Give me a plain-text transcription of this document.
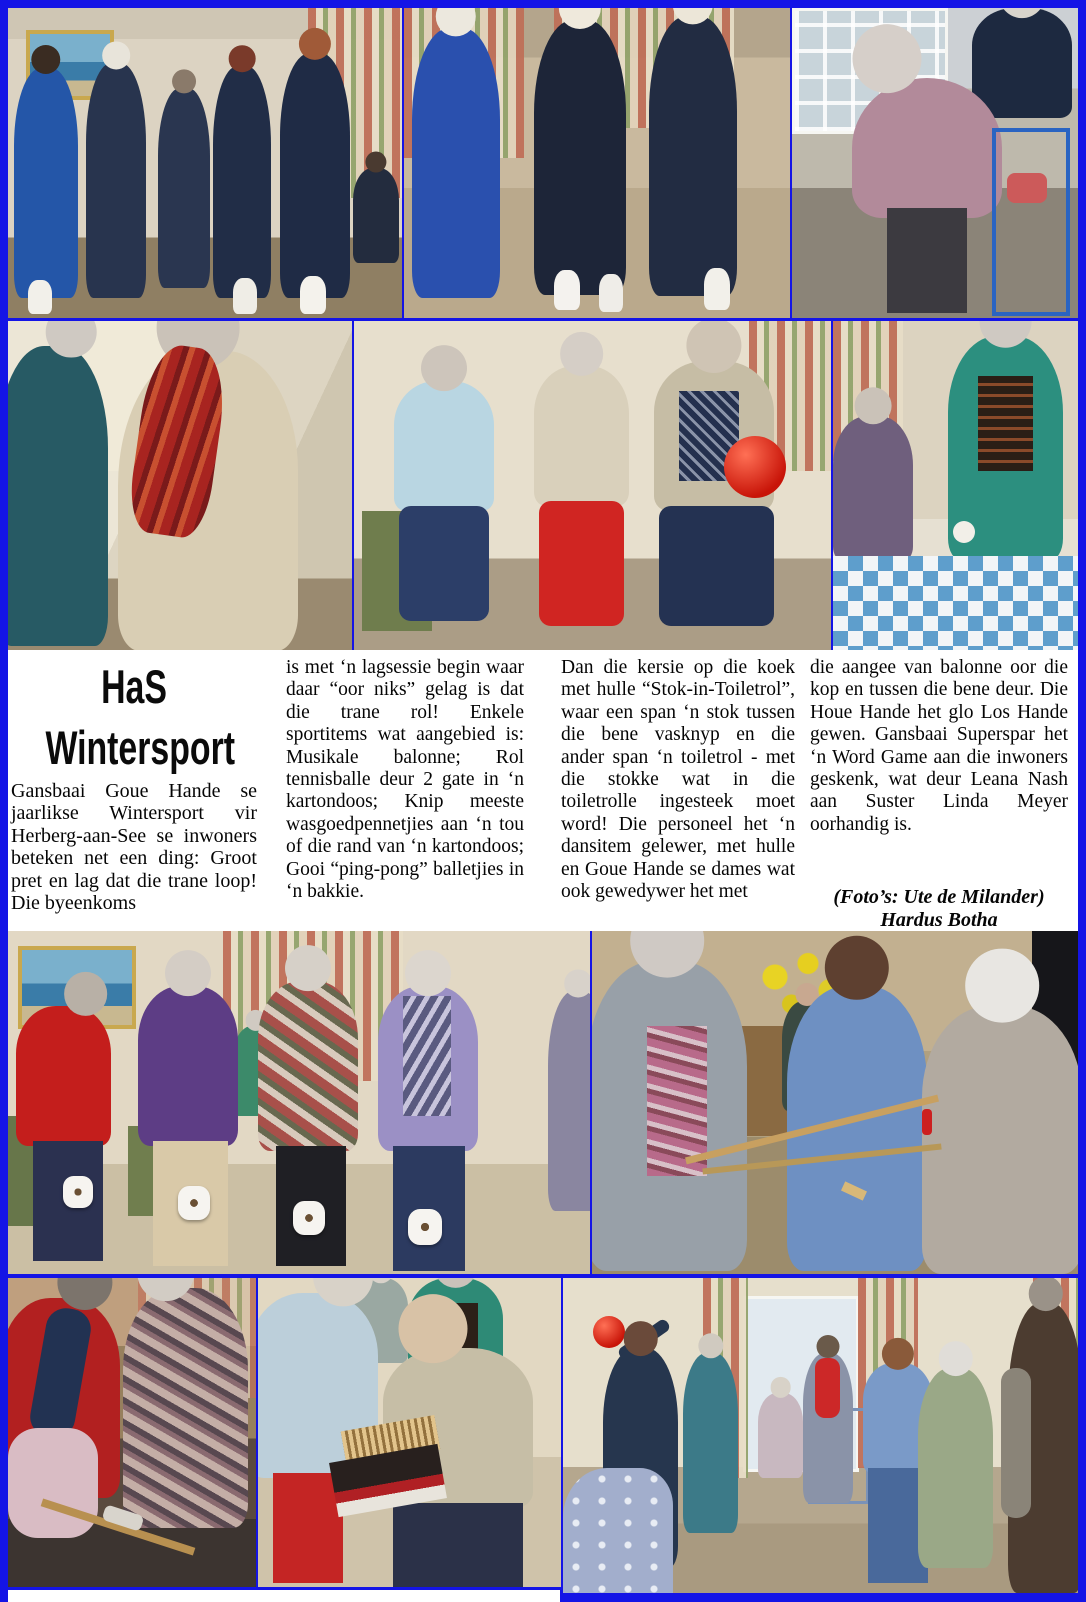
HaS
Wintersport

Gansbaai Goue Hande se jaarlikse Wintersport vir Herberg-aan-See se inwoners beteken net een ding: Groot pret en lag dat die trane loop! Die byeenkoms

is met ‘n lagsessie begin waar daar “oor niks” gelag is dat die trane rol! Enkele sportitems wat aangebied is: Musikale balonne; Rol tennisballe deur 2 gate in ‘n kartondoos; Knip meeste wasgoedpennetjies aan ‘n tou of die rand van ‘n kartondoos; Gooi “ping-pong” balletjies in ‘n bakkie.

Dan die kersie op die koek met hulle “Stok-in-Toiletrol”, waar een span ‘n stok tussen die bene vasknyp en die ander span ‘n toiletrol - met die stokke wat in die toiletrolle ingesteek moet word! Die personeel het ‘n dansitem gelewer, met hulle en Goue Hande se dames wat ook gewedywer het met

die aangee van balonne oor die kop en tussen die bene deur. Die Houe Hande het glo Los Hande gewen. Gansbaai Superspar het ‘n Word Game aan die inwoners geskenk, wat deur Leana Nash aan Suster Linda Meyer oorhandig is.

(Foto’s: Ute de Milander)

Hardus Botha
